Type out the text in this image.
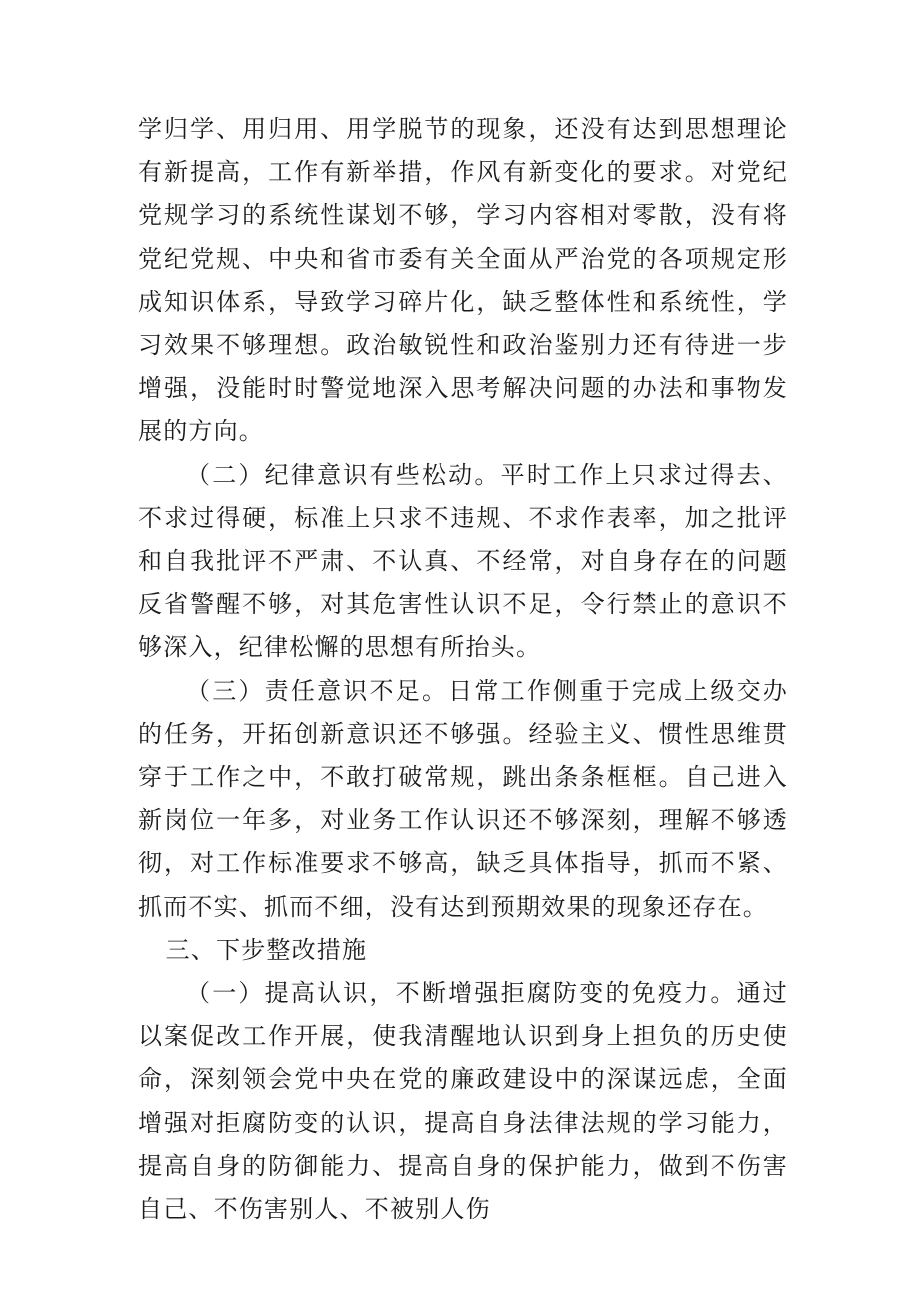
学归学、用归用、用学脱节的现象，还没有达到思想理论有新提高，工作有新举措，作风有新变化的要求。对党纪党规学习的系统性谋划不够，学习内容相对零散，没有将党纪党规、中央和省市委有关全面从严治党的各项规定形成知识体系，导致学习碎片化，缺乏整体性和系统性，学习效果不够理想。政治敏锐性和政治鉴别力还有待进一步增强，没能时时警觉地深入思考解决问题的办法和事物发展的方向。

（二）纪律意识有些松动。平时工作上只求过得去、不求过得硬，标准上只求不违规、不求作表率，加之批评和自我批评不严肃、不认真、不经常，对自身存在的问题反省警醒不够，对其危害性认识不足，令行禁止的意识不够深入，纪律松懈的思想有所抬头。

（三）责任意识不足。日常工作侧重于完成上级交办的任务，开拓创新意识还不够强。经验主义、惯性思维贯穿于工作之中，不敢打破常规，跳出条条框框。自己进入新岗位一年多，对业务工作认识还不够深刻，理解不够透彻，对工作标准要求不够高，缺乏具体指导，抓而不紧、抓而不实、抓而不细，没有达到预期效果的现象还存在。

三、下步整改措施

（一）提高认识，不断增强拒腐防变的免疫力。通过以案促改工作开展，使我清醒地认识到身上担负的历史使命，深刻领会党中央在党的廉政建设中的深谋远虑，全面增强对拒腐防变的认识，提高自身法律法规的学习能力，提高自身的防御能力、提高自身的保护能力，做到不伤害自己、不伤害别人、不被别人伤
